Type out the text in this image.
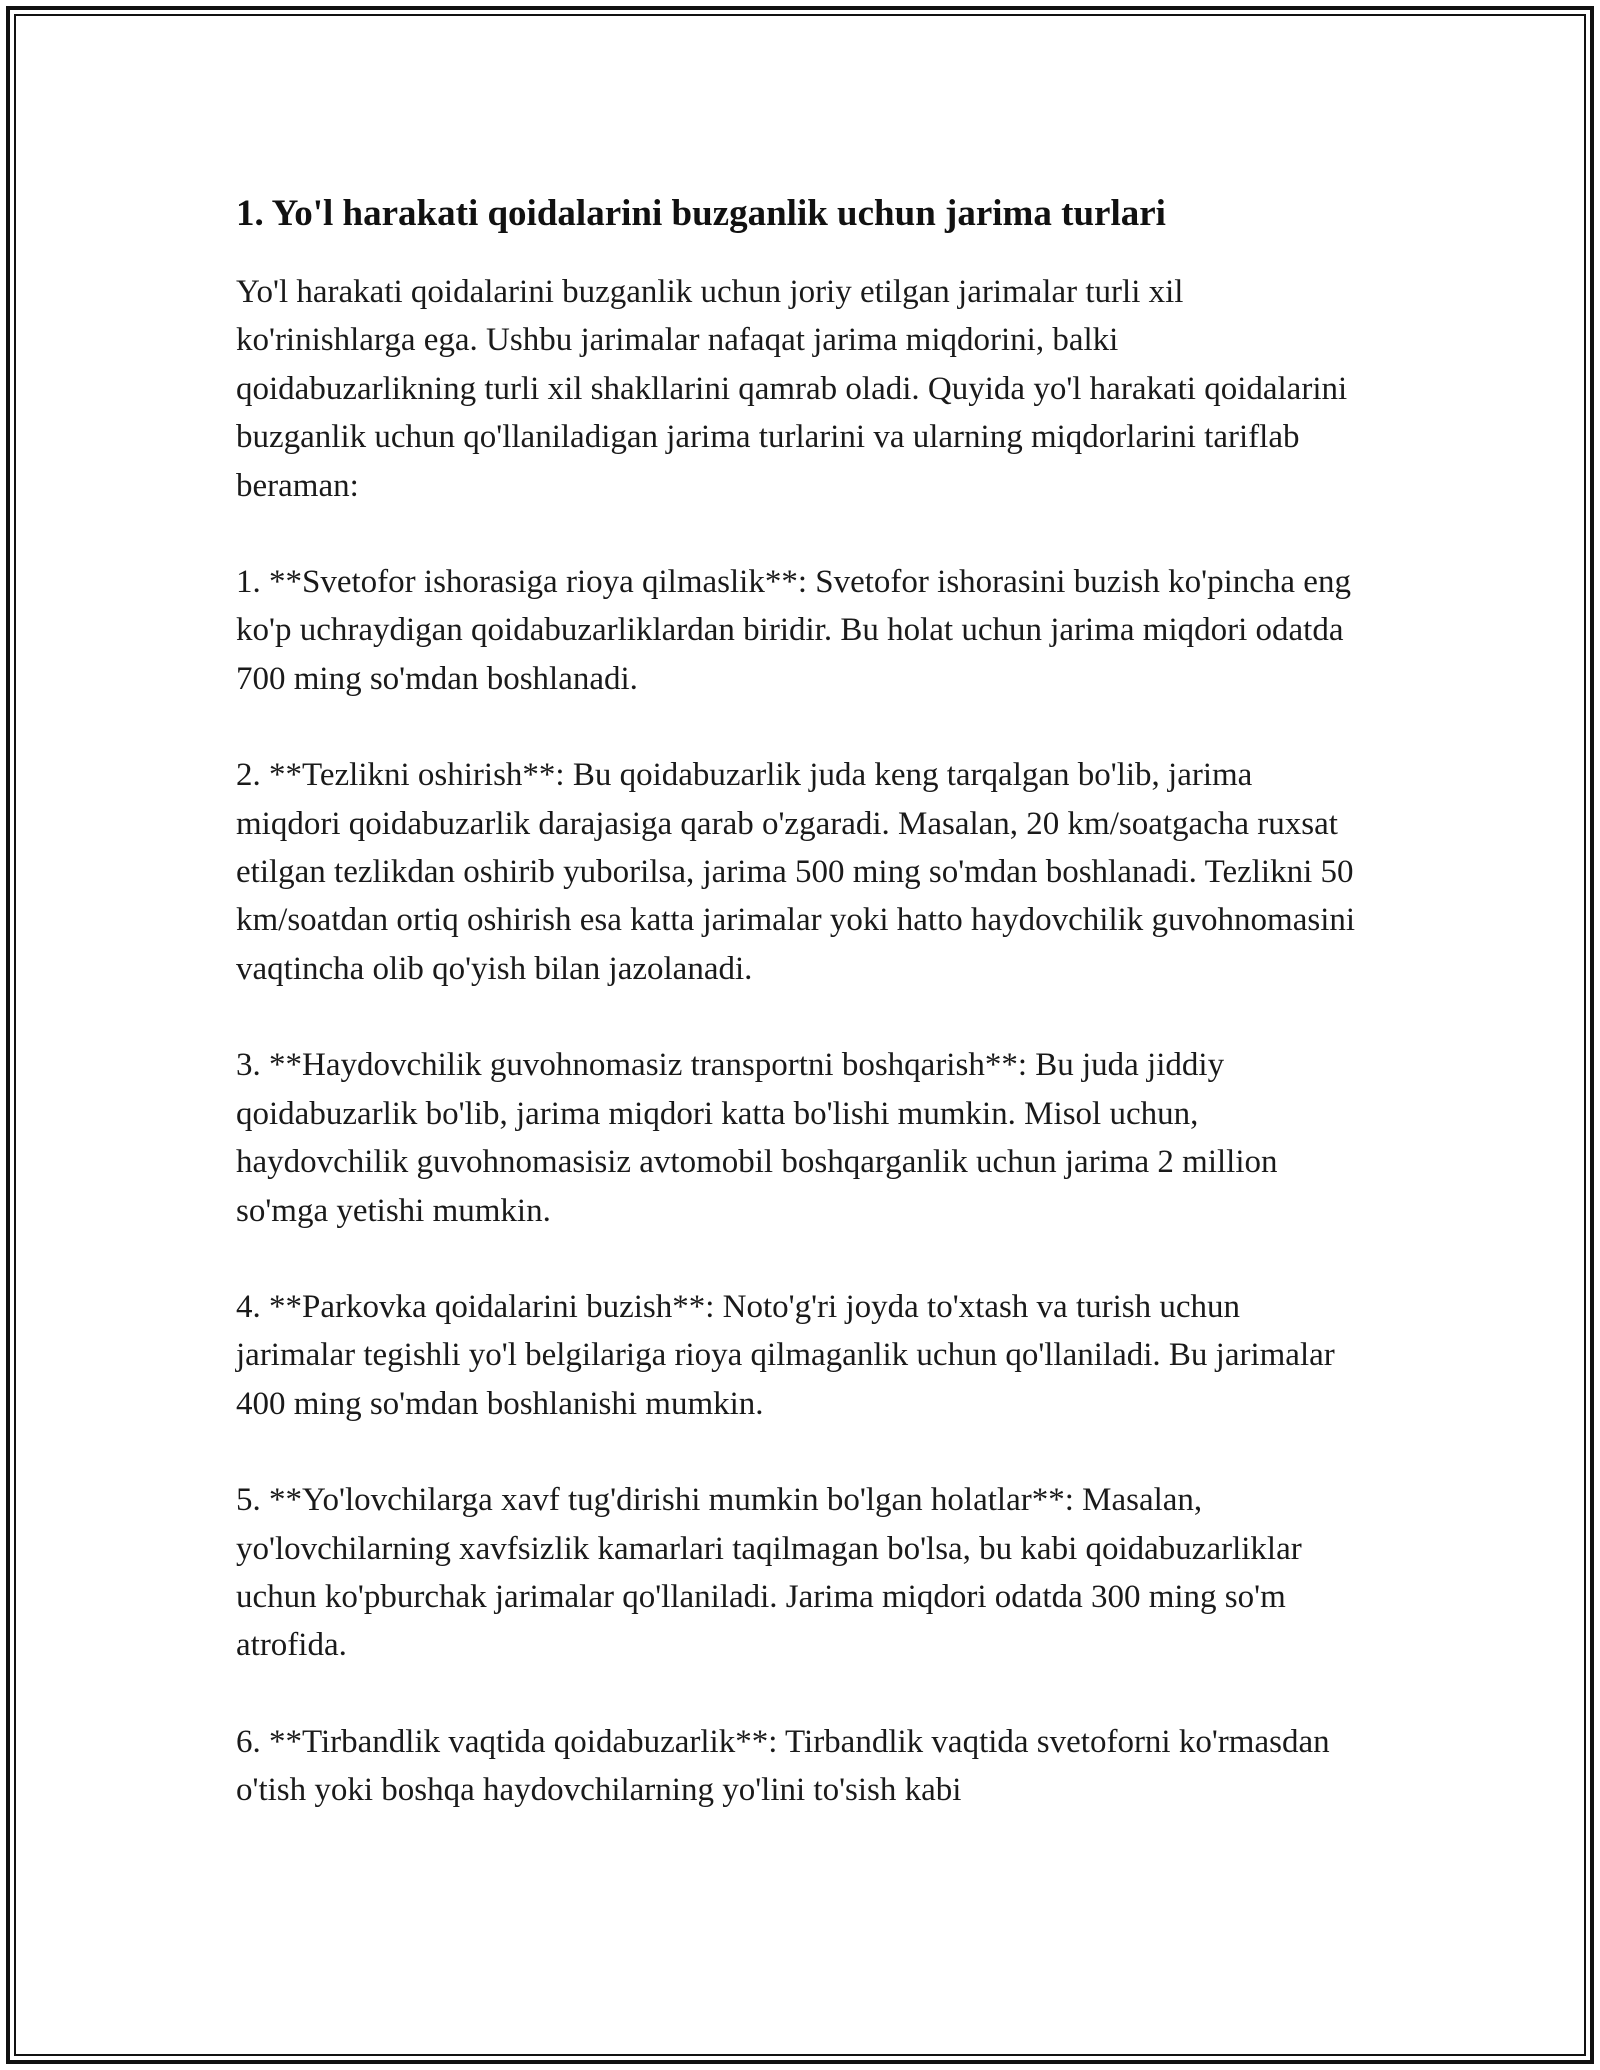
1. Yo'l harakati qoidalarini buzganlik uchun jarima turlari

Yo'l harakati qoidalarini buzganlik uchun joriy etilgan jarimalar turli xil ko'rinishlarga ega. Ushbu jarimalar nafaqat jarima miqdorini, balki qoidabuzarlikning turli xil shakllarini qamrab oladi. Quyida yo'l harakati qoidalarini buzganlik uchun qo'llaniladigan jarima turlarini va ularning miqdorlarini tariflab beraman:

1. **Svetofor ishorasiga rioya qilmaslik**: Svetofor ishorasini buzish ko'pincha eng ko'p uchraydigan qoidabuzarliklardan biridir. Bu holat uchun jarima miqdori odatda 700 ming so'mdan boshlanadi.

2. **Tezlikni oshirish**: Bu qoidabuzarlik juda keng tarqalgan bo'lib, jarima miqdori qoidabuzarlik darajasiga qarab o'zgaradi. Masalan, 20 km/soatgacha ruxsat etilgan tezlikdan oshirib yuborilsa, jarima 500 ming so'mdan boshlanadi. Tezlikni 50 km/soatdan ortiq oshirish esa katta jarimalar yoki hatto haydovchilik guvohnomasini vaqtincha olib qo'yish bilan jazolanadi.

3. **Haydovchilik guvohnomasiz transportni boshqarish**: Bu juda jiddiy qoidabuzarlik bo'lib, jarima miqdori katta bo'lishi mumkin. Misol uchun, haydovchilik guvohnomasisiz avtomobil boshqarganlik uchun jarima 2 million so'mga yetishi mumkin.

4. **Parkovka qoidalarini buzish**: Noto'g'ri joyda to'xtash va turish uchun jarimalar tegishli yo'l belgilariga rioya qilmaganlik uchun qo'llaniladi. Bu jarimalar 400 ming so'mdan boshlanishi mumkin.

5. **Yo'lovchilarga xavf tug'dirishi mumkin bo'lgan holatlar**: Masalan, yo'lovchilarning xavfsizlik kamarlari taqilmagan bo'lsa, bu kabi qoidabuzarliklar uchun ko'pburchak jarimalar qo'llaniladi. Jarima miqdori odatda 300 ming so'm atrofida.

6. **Tirbandlik vaqtida qoidabuzarlik**: Tirbandlik vaqtida svetoforni ko'rmasdan o'tish yoki boshqa haydovchilarning yo'lini to'sish kabi
